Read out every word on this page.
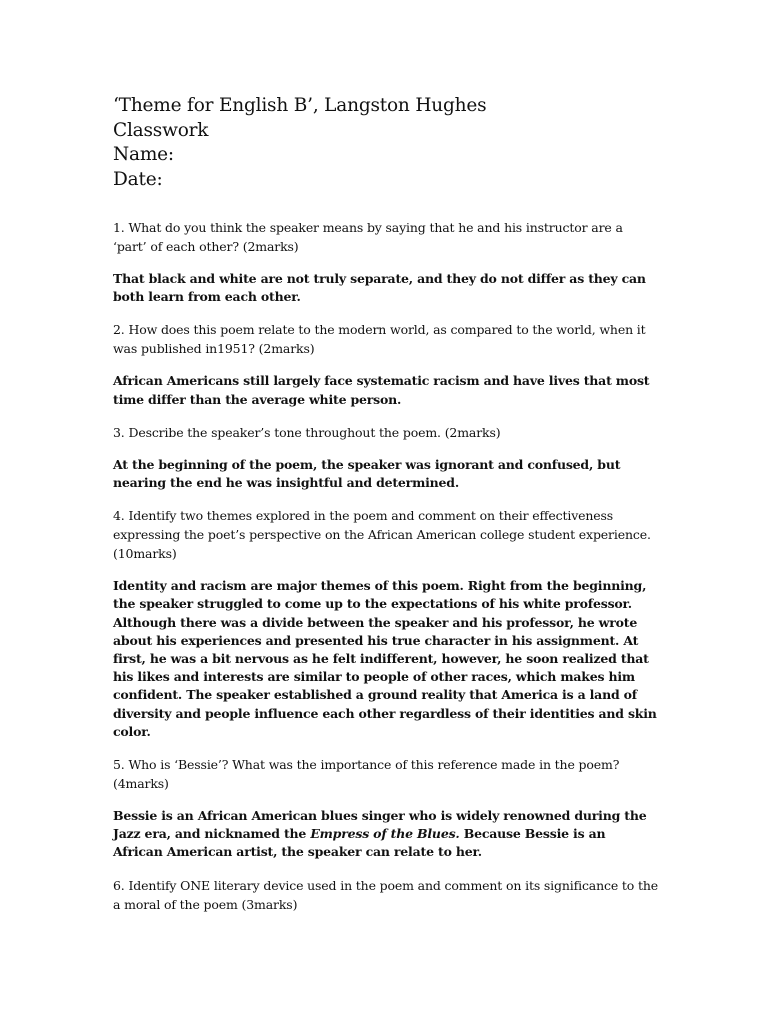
‘Theme for English B’, Langston Hughes

Classwork

Name:

Date:

1. What do you think the speaker means by saying that he and his instructor are a ‘part’ of each other? (2marks)

That black and white are not truly separate, and they do not differ as they can both learn from each other.

2. How does this poem relate to the modern world, as compared to the world, when it was published in1951? (2marks)

African Americans still largely face systematic racism and have lives that most time differ than the average white person.

3. Describe the speaker’s tone throughout the poem. (2marks)

At the beginning of the poem, the speaker was ignorant and confused, but nearing the end he was insightful and determined.

4. Identify two themes explored in the poem and comment on their effectiveness expressing the poet’s perspective on the African American college student experience. (10marks)

Identity and racism are major themes of this poem. Right from the beginning, the speaker struggled to come up to the expectations of his white professor. Although there was a divide between the speaker and his professor, he wrote about his experiences and presented his true character in his assignment. At first, he was a bit nervous as he felt indifferent, however, he soon realized that his likes and interests are similar to people of other races, which makes him confident. The speaker established a ground reality that America is a land of diversity and people influence each other regardless of their identities and skin color.

5. Who is ‘Bessie’? What was the importance of this reference made in the poem? (4marks)

Bessie is an African American blues singer who is widely renowned during the Jazz era, and nicknamed the Empress of the Blues. Because Bessie is an African American artist, the speaker can relate to her.

6. Identify ONE literary device used in the poem and comment on its significance to the a moral of the poem (3marks)
